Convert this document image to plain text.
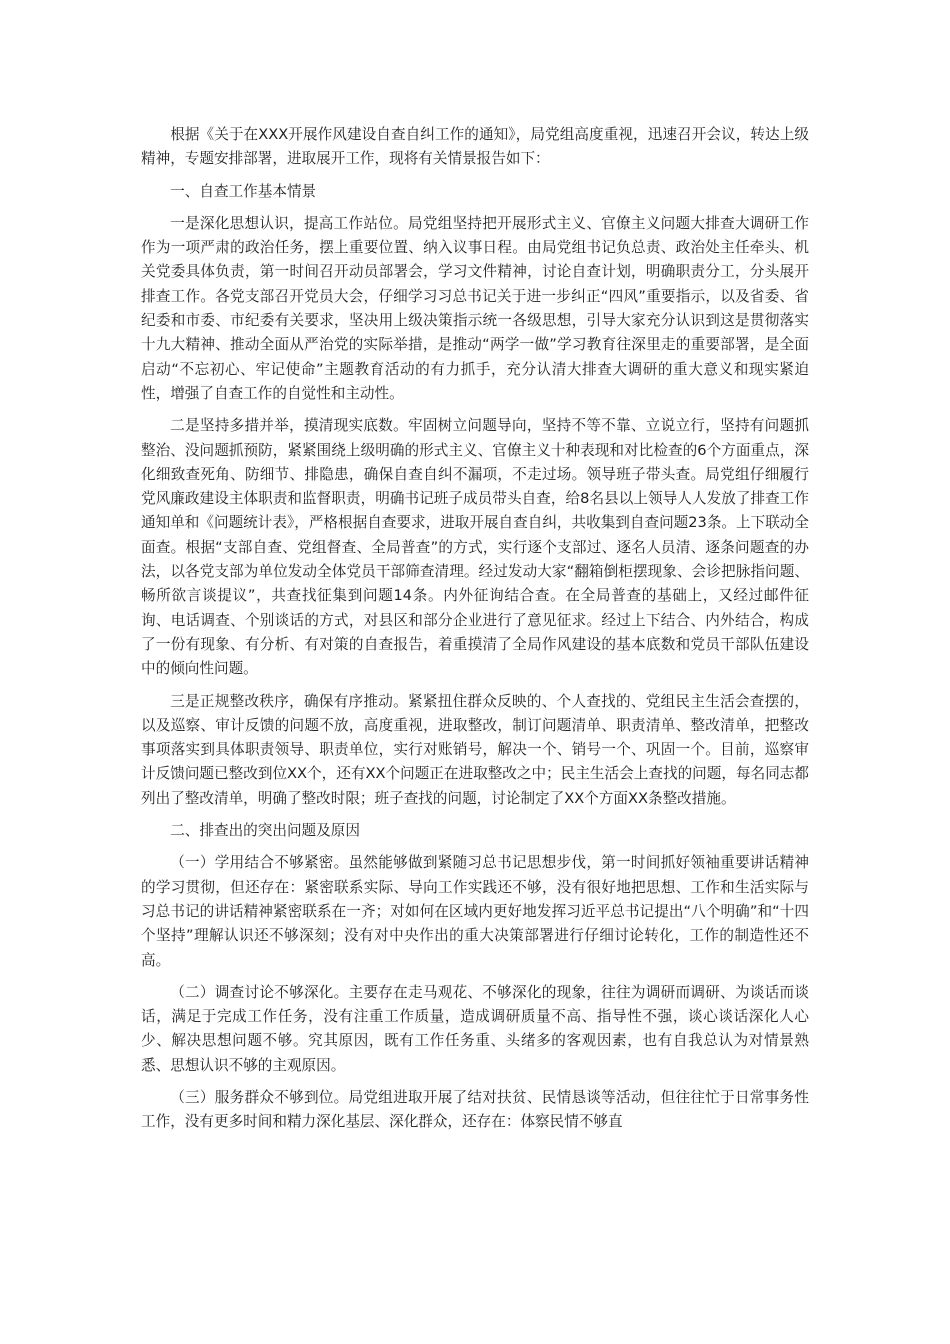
根据《关于在XXX开展作风建设自查自纠工作的通知》，局党组高度重视，迅速召开会议，转达上级精神，专题安排部署，进取展开工作，现将有关情景报告如下：

一、自查工作基本情景

一是深化思想认识，提高工作站位。局党组坚持把开展形式主义、官僚主义问题大排查大调研工作作为一项严肃的政治任务，摆上重要位置、纳入议事日程。由局党组书记负总责、政治处主任牵头、机关党委具体负责，第一时间召开动员部署会，学习文件精神，讨论自查计划，明确职责分工，分头展开排查工作。各党支部召开党员大会，仔细学习习总书记关于进一步纠正“四风”重要指示，以及省委、省纪委和市委、市纪委有关要求，坚决用上级决策指示统一各级思想，引导大家充分认识到这是贯彻落实十九大精神、推动全面从严治党的实际举措，是推动“两学一做”学习教育往深里走的重要部署，是全面启动“不忘初心、牢记使命”主题教育活动的有力抓手，充分认清大排查大调研的重大意义和现实紧迫性，增强了自查工作的自觉性和主动性。

二是坚持多措并举，摸清现实底数。牢固树立问题导向，坚持不等不靠、立说立行，坚持有问题抓整治、没问题抓预防，紧紧围绕上级明确的形式主义、官僚主义十种表现和对比检查的6个方面重点，深化细致查死角、防细节、排隐患，确保自查自纠不漏项，不走过场。领导班子带头查。局党组仔细履行党风廉政建设主体职责和监督职责，明确书记班子成员带头自查，给8名县以上领导人人发放了排查工作通知单和《问题统计表》，严格根据自查要求，进取开展自查自纠，共收集到自查问题23条。上下联动全面查。根据“支部自查、党组督查、全局普查”的方式，实行逐个支部过、逐名人员清、逐条问题查的办法，以各党支部为单位发动全体党员干部筛查清理。经过发动大家“翻箱倒柜摆现象、会诊把脉指问题、畅所欲言谈提议”，共查找征集到问题14条。内外征询结合查。在全局普查的基础上，又经过邮件征询、电话调查、个别谈话的方式，对县区和部分企业进行了意见征求。经过上下结合、内外结合，构成了一份有现象、有分析、有对策的自查报告，着重摸清了全局作风建设的基本底数和党员干部队伍建设中的倾向性问题。

三是正规整改秩序，确保有序推动。紧紧扭住群众反映的、个人查找的、党组民主生活会查摆的，以及巡察、审计反馈的问题不放，高度重视，进取整改，制订问题清单、职责清单、整改清单，把整改事项落实到具体职责领导、职责单位，实行对账销号，解决一个、销号一个、巩固一个。目前，巡察审计反馈问题已整改到位XX个，还有XX个问题正在进取整改之中；民主生活会上查找的问题，每名同志都列出了整改清单，明确了整改时限；班子查找的问题，讨论制定了XX个方面XX条整改措施。

二、排查出的突出问题及原因

（一）学用结合不够紧密。虽然能够做到紧随习总书记思想步伐，第一时间抓好领袖重要讲话精神的学习贯彻，但还存在：紧密联系实际、导向工作实践还不够，没有很好地把思想、工作和生活实际与习总书记的讲话精神紧密联系在一齐；对如何在区域内更好地发挥习近平总书记提出“八个明确”和“十四个坚持”理解认识还不够深刻；没有对中央作出的重大决策部署进行仔细讨论转化，工作的制造性还不高。

（二）调查讨论不够深化。主要存在走马观花、不够深化的现象，往往为调研而调研、为谈话而谈话，满足于完成工作任务，没有注重工作质量，造成调研质量不高、指导性不强，谈心谈话深化人心少、解决思想问题不够。究其原因，既有工作任务重、头绪多的客观因素，也有自我总认为对情景熟悉、思想认识不够的主观原因。

（三）服务群众不够到位。局党组进取开展了结对扶贫、民情恳谈等活动，但往往忙于日常事务性工作，没有更多时间和精力深化基层、深化群众，还存在：体察民情不够直
